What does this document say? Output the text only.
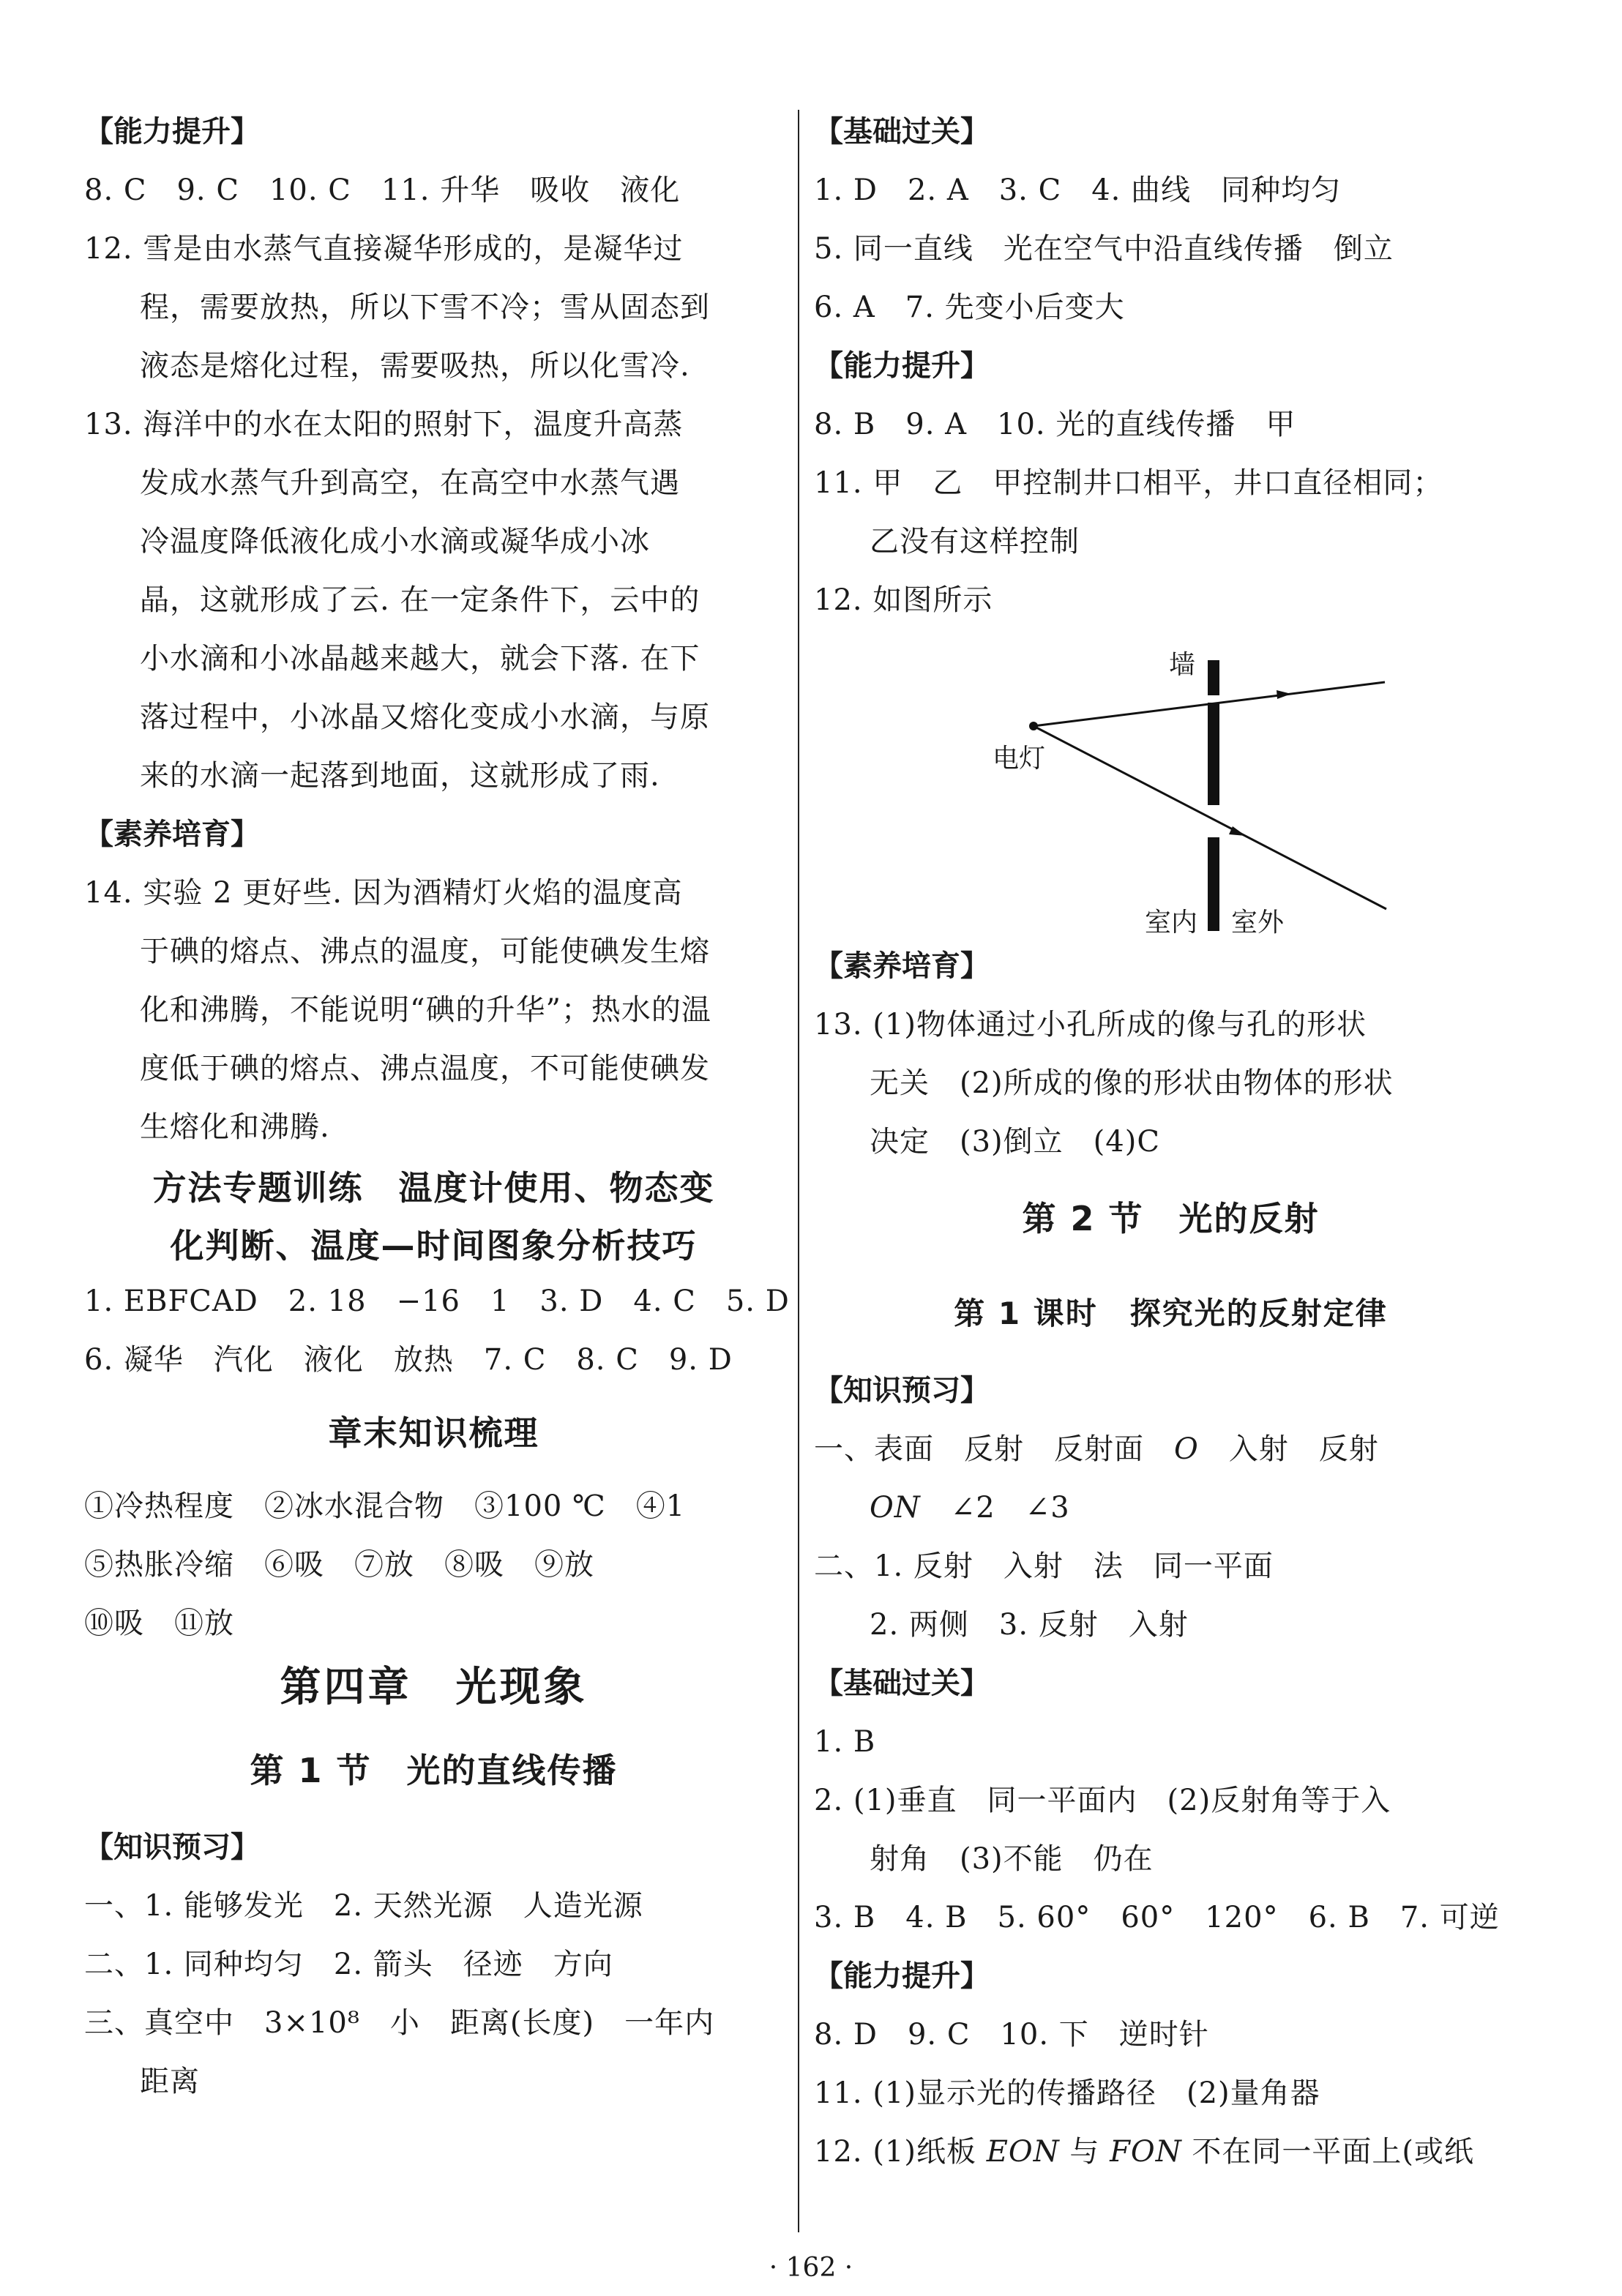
【能力提升】
8. C　9. C　10. C　11. 升华　吸收　液化
12. 雪是由水蒸气直接凝华形成的，是凝华过
程，需要放热，所以下雪不冷；雪从固态到
液态是熔化过程，需要吸热，所以化雪冷.
13. 海洋中的水在太阳的照射下，温度升高蒸
发成水蒸气升到高空，在高空中水蒸气遇
冷温度降低液化成小水滴或凝华成小冰
晶，这就形成了云. 在一定条件下，云中的
小水滴和小冰晶越来越大，就会下落. 在下
落过程中，小冰晶又熔化变成小水滴，与原
来的水滴一起落到地面，这就形成了雨.
【素养培育】
14. 实验 2 更好些. 因为酒精灯火焰的温度高
于碘的熔点、沸点的温度，可能使碘发生熔
化和沸腾，不能说明“碘的升华”；热水的温
度低于碘的熔点、沸点温度，不可能使碘发
生熔化和沸腾.
方法专题训练　温度计使用、物态变
化判断、温度—时间图象分析技巧
1. EBFCAD　2. 18　−16　1　3. D　4. C　5. D
6. 凝华　汽化　液化　放热　7. C　8. C　9. D
章末知识梳理
①冷热程度　②冰水混合物　③100 ℃　④1
⑤热胀冷缩　⑥吸　⑦放　⑧吸　⑨放
⑩吸　⑪放
第四章　光现象
第 1 节　光的直线传播
【知识预习】
一、1. 能够发光　2. 天然光源　人造光源
二、1. 同种均匀　2. 箭头　径迹　方向
三、真空中　3×10⁸　小　距离(长度)　一年内
距离
【基础过关】
1. D　2. A　3. C　4. 曲线　同种均匀
5. 同一直线　光在空气中沿直线传播　倒立
6. A　7. 先变小后变大
【能力提升】
8. B　9. A　10. 光的直线传播　甲
11. 甲　乙　甲控制井口相平，井口直径相同；
乙没有这样控制
12. 如图所示
墙
电灯
室内 室外
【素养培育】
13. (1)物体通过小孔所成的像与孔的形状
无关　(2)所成的像的形状由物体的形状
决定　(3)倒立　(4)C
第 2 节　光的反射
第 1 课时　探究光的反射定律
【知识预习】
一、表面　反射　反射面　O　入射　反射
ON　∠2　∠3
二、1. 反射　入射　法　同一平面
2. 两侧　3. 反射　入射
【基础过关】
1. B
2. (1)垂直　同一平面内　(2)反射角等于入
射角　(3)不能　仍在
3. B　4. B　5. 60°　60°　120°　6. B　7. 可逆
【能力提升】
8. D　9. C　10. 下　逆时针
11. (1)显示光的传播路径　(2)量角器
12. (1)纸板 EON 与 FON 不在同一平面上(或纸
· 162 ·
